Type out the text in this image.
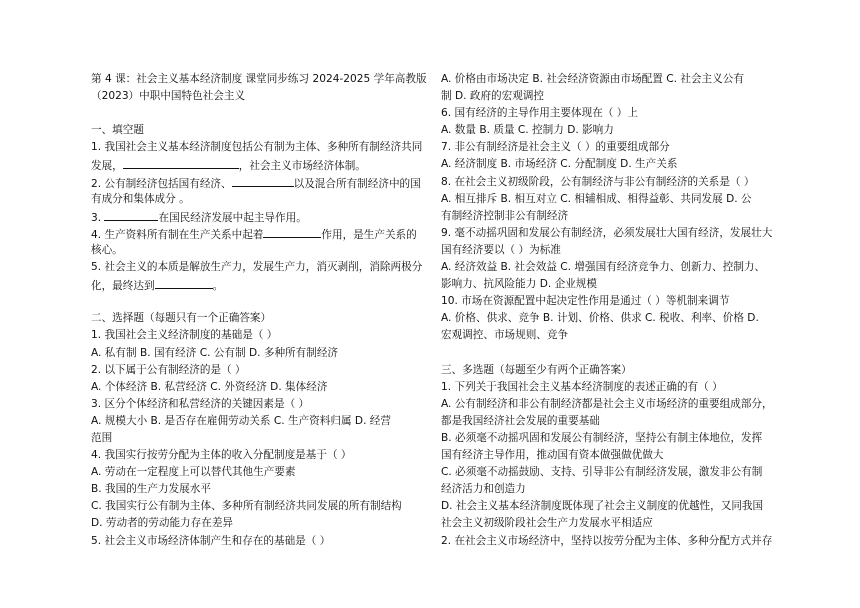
第 4 课：社会主义基本经济制度 课堂同步练习 2024-2025 学年高教版
（2023）中职中国特色社会主义
一、填空题
1. 我国社会主义基本经济制度包括公有制为主体、多种所有制经济共同
发展，	，社会主义市场经济体制。
2. 公有制经济包括国有经济、	以及混合所有制经济中的国
有成分和集体成分 。
3.	在国民经济发展中起主导作用。
4. 生产资料所有制在生产关系中起着	作用，是生产关系的
核心。
5. 社会主义的本质是解放生产力，发展生产力，消灭剥削，消除两极分
化，最终达到	。
二、选择题（每题只有一个正确答案）
1. 我国社会主义经济制度的基础是（ ）
A. 私有制 B. 国有经济 C. 公有制 D. 多种所有制经济
2. 以下属于公有制经济的是（ ）
A. 个体经济 B. 私营经济 C. 外资经济 D. 集体经济
3. 区分个体经济和私营经济的关键因素是（ ）
A. 规模大小 B. 是否存在雇佣劳动关系 C. 生产资料归属 D. 经营
范围
4. 我国实行按劳分配为主体的收入分配制度是基于（ ）
A. 劳动在一定程度上可以替代其他生产要素
B. 我国的生产力发展水平
C. 我国实行公有制为主体、多种所有制经济共同发展的所有制结构
D. 劳动者的劳动能力存在差异
5. 社会主义市场经济体制产生和存在的基础是（ ）
A. 价格由市场决定 B. 社会经济资源由市场配置 C. 社会主义公有
制 D. 政府的宏观调控
6. 国有经济的主导作用主要体现在（ ）上
A. 数量 B. 质量 C. 控制力 D. 影响力
7. 非公有制经济是社会主义（ ）的重要组成部分
A. 经济制度 B. 市场经济 C. 分配制度 D. 生产关系
8. 在社会主义初级阶段，公有制经济与非公有制经济的关系是（ ）
A. 相互排斥 B. 相互对立 C. 相辅相成、相得益彰、共同发展 D. 公
有制经济控制非公有制经济
9. 毫不动摇巩固和发展公有制经济，必须发展壮大国有经济，发展壮大
国有经济要以（ ）为标准
A. 经济效益 B. 社会效益 C. 增强国有经济竞争力、创新力、控制力、
影响力、抗风险能力 D. 企业规模
10. 市场在资源配置中起决定性作用是通过（ ）等机制来调节
A. 价格、供求、竞争 B. 计划、价格、供求 C. 税收、利率、价格 D.
宏观调控、市场规则、竞争
三、多选题（每题至少有两个正确答案）
1. 下列关于我国社会主义基本经济制度的表述正确的有（ ）
A. 公有制经济和非公有制经济都是社会主义市场经济的重要组成部分，
都是我国经济社会发展的重要基础
B. 必须毫不动摇巩固和发展公有制经济，坚持公有制主体地位，发挥
国有经济主导作用，推动国有资本做强做优做大
C. 必须毫不动摇鼓励、支持、引导非公有制经济发展，激发非公有制
经济活力和创造力
D. 社会主义基本经济制度既体现了社会主义制度的优越性，又同我国
社会主义初级阶段社会生产力发展水平相适应
2. 在社会主义市场经济中，坚持以按劳分配为主体、多种分配方式并存
